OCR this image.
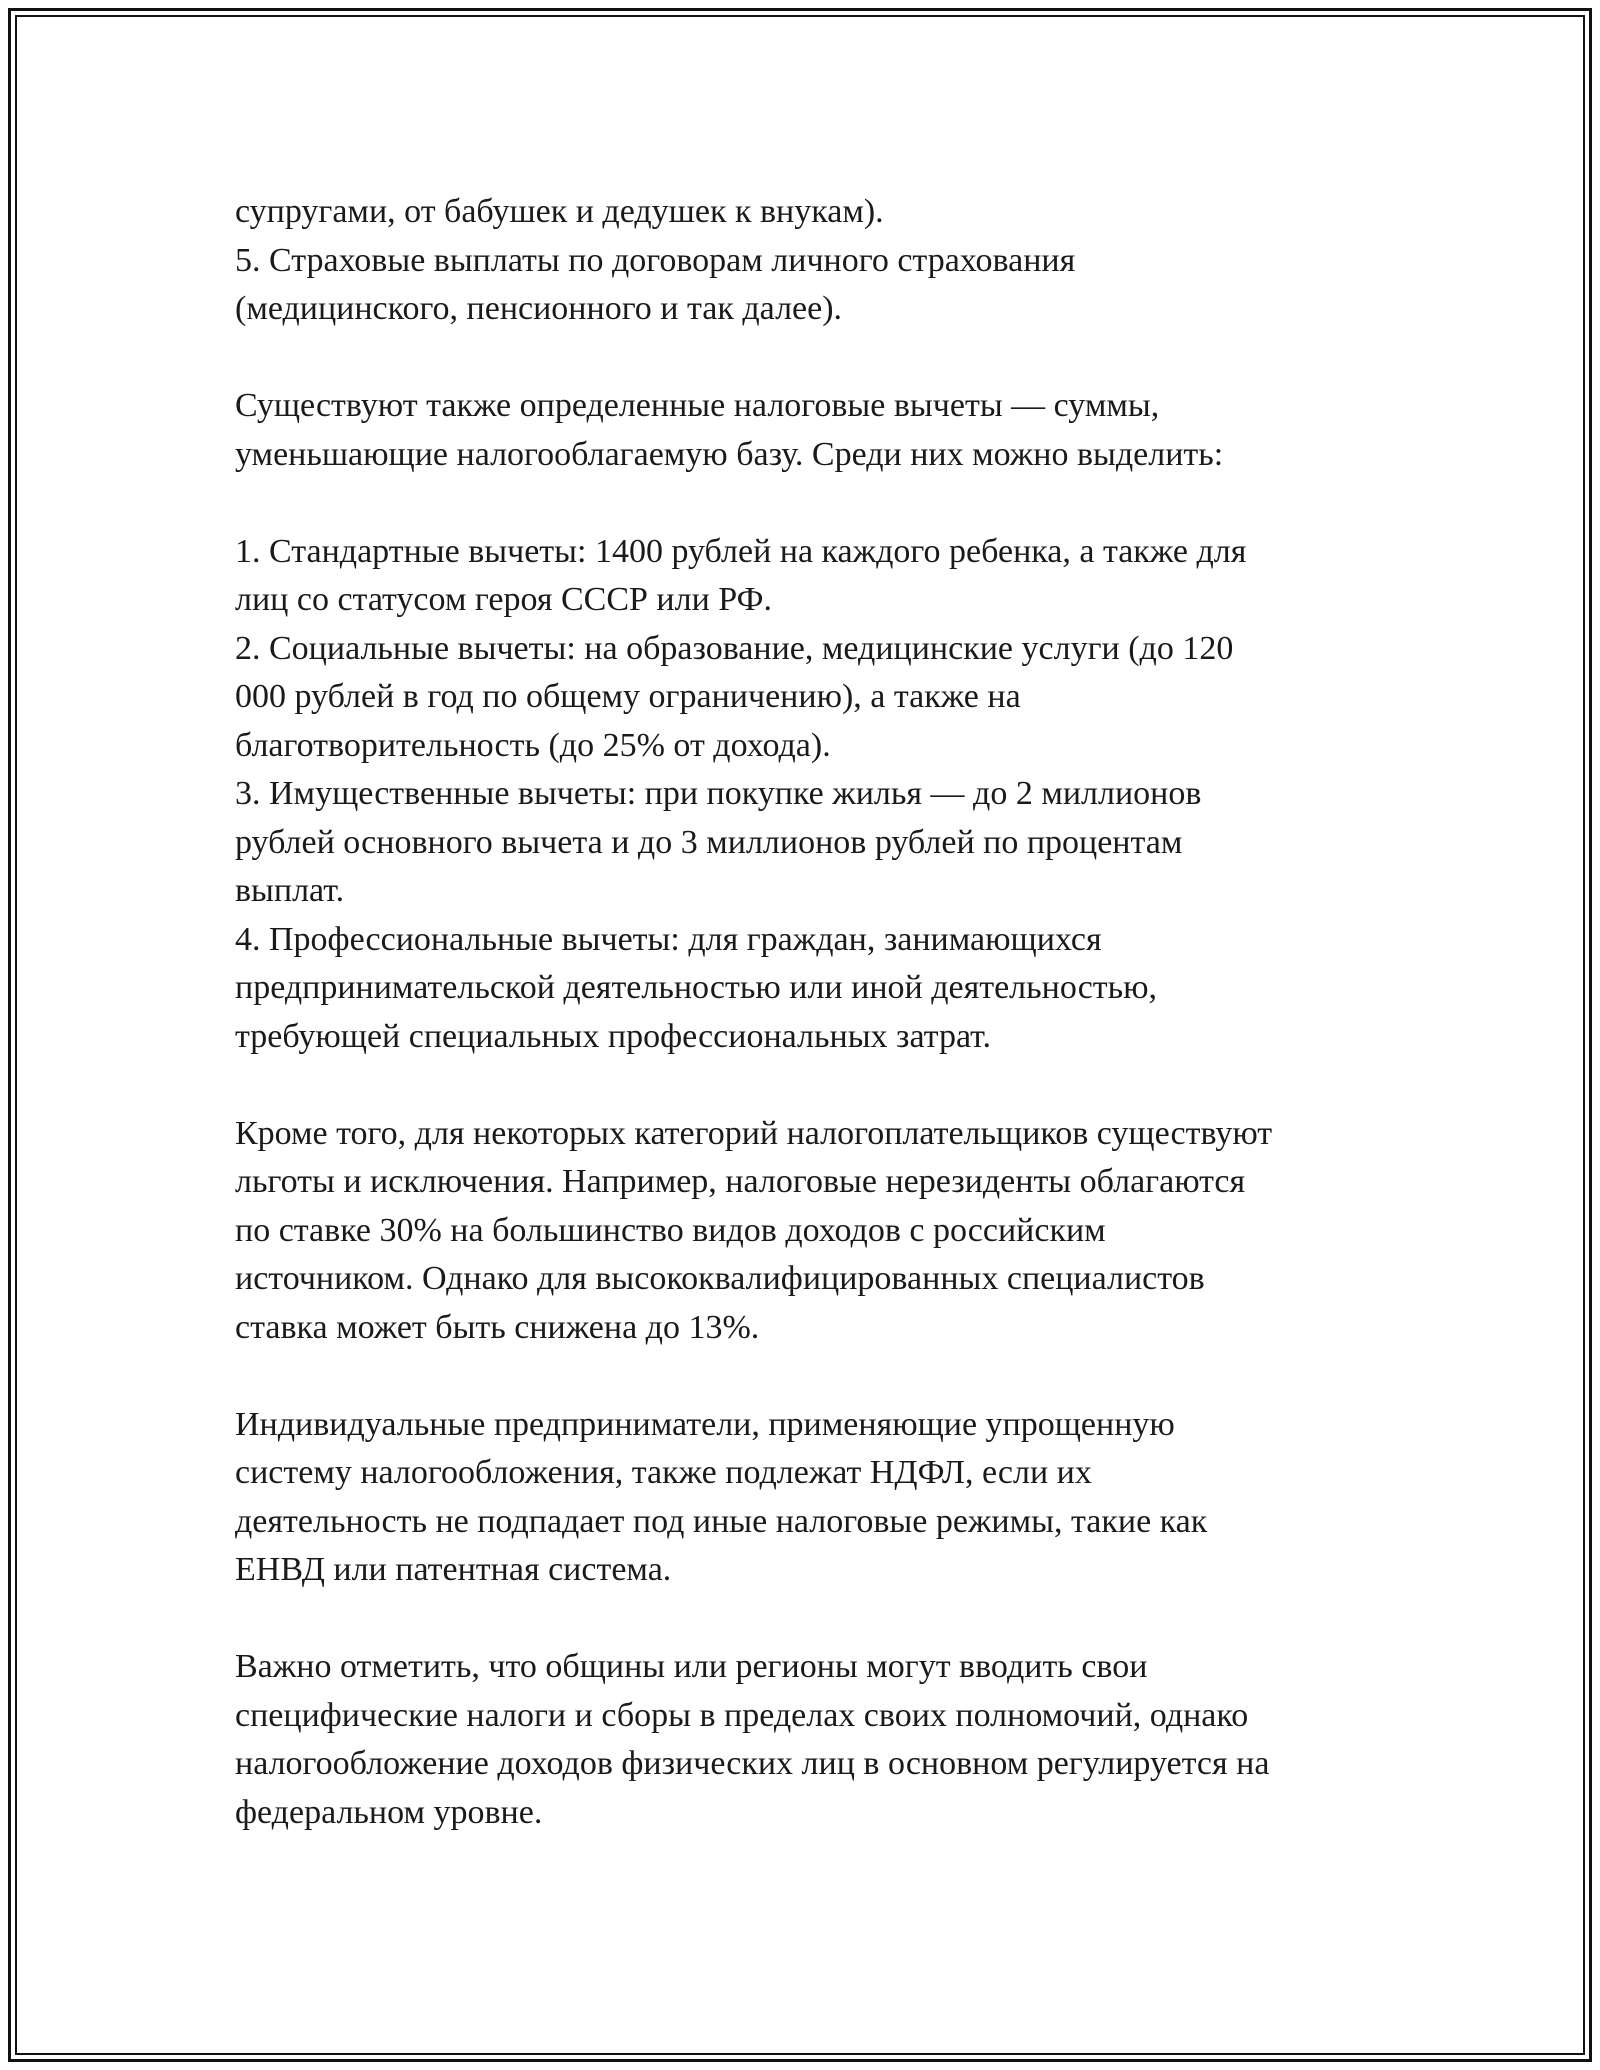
супругами, от бабушек и дедушек к внукам).
5. Страховые выплаты по договорам личного страхования
(медицинского, пенсионного и так далее).
Существуют также определенные налоговые вычеты — суммы,
уменьшающие налогооблагаемую базу. Среди них можно выделить:
1. Стандартные вычеты: 1400 рублей на каждого ребенка, а также для
лиц со статусом героя СССР или РФ.
2. Социальные вычеты: на образование, медицинские услуги (до 120
000 рублей в год по общему ограничению), а также на
благотворительность (до 25% от дохода).
3. Имущественные вычеты: при покупке жилья — до 2 миллионов
рублей основного вычета и до 3 миллионов рублей по процентам
выплат.
4. Профессиональные вычеты: для граждан, занимающихся
предпринимательской деятельностью или иной деятельностью,
требующей специальных профессиональных затрат.
Кроме того, для некоторых категорий налогоплательщиков существуют
льготы и исключения. Например, налоговые нерезиденты облагаются
по ставке 30% на большинство видов доходов с российским
источником. Однако для высококвалифицированных специалистов
ставка может быть снижена до 13%.
Индивидуальные предприниматели, применяющие упрощенную
систему налогообложения, также подлежат НДФЛ, если их
деятельность не подпадает под иные налоговые режимы, такие как
ЕНВД или патентная система.
Важно отметить, что общины или регионы могут вводить свои
специфические налоги и сборы в пределах своих полномочий, однако
налогообложение доходов физических лиц в основном регулируется на
федеральном уровне.
